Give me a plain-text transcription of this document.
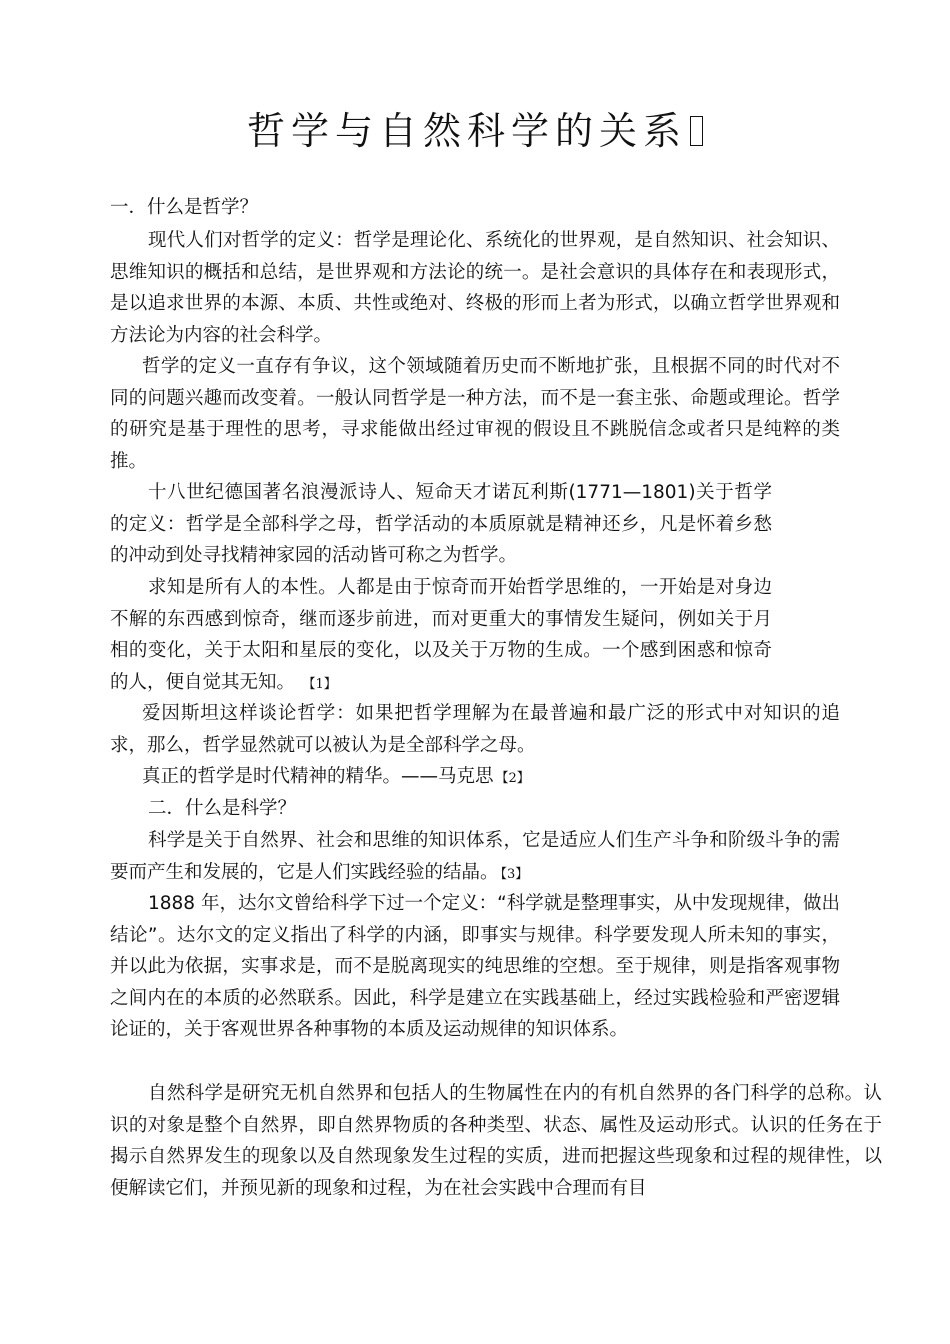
哲学与自然科学的关系

一．什么是哲学？

现代人们对哲学的定义：哲学是理论化、系统化的世界观，是自然知识、社会知识、思维知识的概括和总结，是世界观和方法论的统一。是社会意识的具体存在和表现形式，是以追求世界的本源、本质、共性或绝对、终极的形而上者为形式，以确立哲学世界观和方法论为内容的社会科学。

哲学的定义一直存有争议，这个领域随着历史而不断地扩张，且根据不同的时代对不同的问题兴趣而改变着。一般认同哲学是一种方法，而不是一套主张、命题或理论。哲学的研究是基于理性的思考，寻求能做出经过审视的假设且不跳脱信念或者只是纯粹的类推。

十八世纪德国著名浪漫派诗人、短命天才诺瓦利斯(1771—1801)关于哲学的定义：哲学是全部科学之母，哲学活动的本质原就是精神还乡，凡是怀着乡愁的冲动到处寻找精神家园的活动皆可称之为哲学。

求知是所有人的本性。人都是由于惊奇而开始哲学思维的，一开始是对身边不解的东西感到惊奇，继而逐步前进，而对更重大的事情发生疑问，例如关于月相的变化，关于太阳和星辰的变化，以及关于万物的生成。一个感到困惑和惊奇的人，便自觉其无知。 【1】

爱因斯坦这样谈论哲学：如果把哲学理解为在最普遍和最广泛的形式中对知识的追求，那么，哲学显然就可以被认为是全部科学之母。

真正的哲学是时代精神的精华。——马克思 【2】

二．什么是科学？

科学是关于自然界、社会和思维的知识体系，它是适应人们生产斗争和阶级斗争的需要而产生和发展的，它是人们实践经验的结晶。 【3】

1888 年，达尔文曾给科学下过一个定义：“科学就是整理事实，从中发现规律，做出结论”。达尔文的定义指出了科学的内涵，即事实与规律。科学要发现人所未知的事实，并以此为依据，实事求是，而不是脱离现实的纯思维的空想。至于规律，则是指客观事物之间内在的本质的必然联系。因此，科学是建立在实践基础上，经过实践检验和严密逻辑论证的，关于客观世界各种事物的本质及运动规律的知识体系。

自然科学是研究无机自然界和包括人的生物属性在内的有机自然界的各门科学的总称。认识的对象是整个自然界，即自然界物质的各种类型、状态、属性及运动形式。认识的任务在于揭示自然界发生的现象以及自然现象发生过程的实质，进而把握这些现象和过程的规律性，以便解读它们，并预见新的现象和过程，为在社会实践中合理而有目
